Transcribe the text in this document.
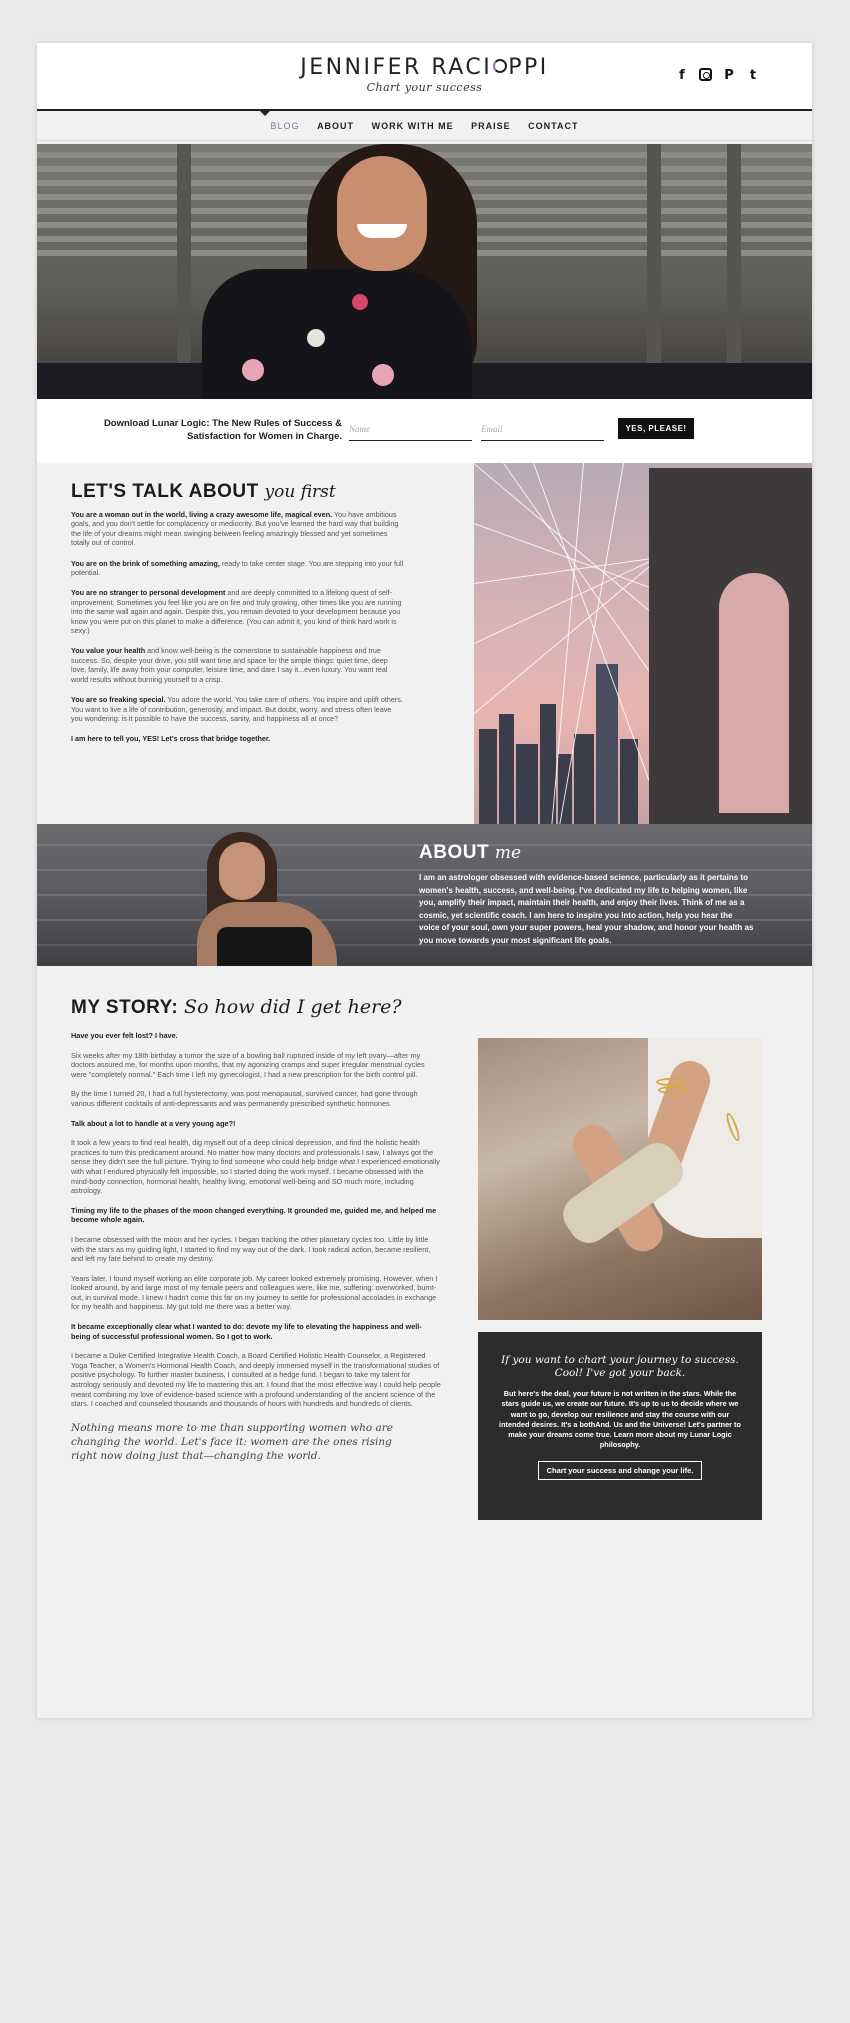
JENNIFER RACI PPI
Chart your success
f	P t
BLOG ABOUT WORK WITH ME PRAISE CONTACT
Download Lunar Logic: The New Rules of Success & Satisfaction for Women in Charge.
Name	Email	YES, PLEASE!
LET'S TALK ABOUT you first
You are a woman out in the world, living a crazy awesome life, magical even. You have ambitious goals, and you don't settle for complacency or mediocrity. But you've learned the hard way that building the life of your dreams might mean swinging between feeling amazingly blessed and yet sometimes totally out of control.
You are on the brink of something amazing, ready to take center stage. You are stepping into your full potential.
You are no stranger to personal development and are deeply committed to a lifelong quest of self-improvement. Sometimes you feel like you are on fire and truly growing, other times like you are running into the same wall again and again. Despite this, you remain devoted to your development because you know you were put on this planet to make a difference. (You can admit it, you kind of think hard work is sexy.)
You value your health and know well-being is the cornerstone to sustainable happiness and true success. So, despite your drive, you still want time and space for the simple things: quiet time, deep love, family, life away from your computer, leisure time, and dare I say it...even luxury. You want real world results without burning yourself to a crisp.
You are so freaking special. You adore the world. You take care of others. You inspire and uplift others. You want to live a life of contribution, generosity, and impact. But doubt, worry, and stress often leave you wondering: is it possible to have the success, sanity, and happiness all at once?
I am here to tell you, YES! Let's cross that bridge together.
ABOUT me
I am an astrologer obsessed with evidence-based science, particularly as it pertains to women's health, success, and well-being. I've dedicated my life to helping women, like you, amplify their impact, maintain their health, and enjoy their lives. Think of me as a cosmic, yet scientific coach. I am here to inspire you into action, help you hear the voice of your soul, own your super powers, heal your shadow, and honor your health as you move towards your most significant life goals.
MY STORY: So how did I get here?
Have you ever felt lost? I have.
Six weeks after my 18th birthday a tumor the size of a bowling ball ruptured inside of my left ovary—after my doctors assured me, for months upon months, that my agonizing cramps and super irregular menstrual cycles were "completely normal." Each time I left my gynecologist, I had a new prescription for the birth control pill.
By the time I turned 20, I had a full hysterectomy, was post menopausal, survived cancer, had gone through various different cocktails of anti-depressants and was permanently prescribed synthetic hormones.
Talk about a lot to handle at a very young age?!
It took a few years to find real health, dig myself out of a deep clinical depression, and find the holistic health practices to turn this predicament around. No matter how many doctors and professionals I saw, I always got the sense they didn't see the full picture. Trying to find someone who could help bridge what I experienced emotionally with what I endured physically felt impossible, so I started doing the work myself. I became obsessed with the mind-body connection, hormonal health, healthy living, emotional well-being and SO much more, including astrology.
Timing my life to the phases of the moon changed everything. It grounded me, guided me, and helped me become whole again.
I became obsessed with the moon and her cycles. I began tracking the other planetary cycles too. Little by little with the stars as my guiding light, I started to find my way out of the dark. I took radical action, became resilient, and left my fate behind to create my destiny.
Years later, I found myself working an elite corporate job. My career looked extremely promising. However, when I looked around, by and large most of my female peers and colleagues were, like me, suffering: overworked, burnt-out, in survival mode. I knew I hadn't come this far on my journey to settle for professional accolades in exchange for my health and happiness. My gut told me there was a better way.
It became exceptionally clear what I wanted to do: devote my life to elevating the happiness and well-being of successful professional women. So I got to work.
I became a Duke Certified Integrative Health Coach, a Board Certified Holistic Health Counselor, a Registered Yoga Teacher, a Women's Hormonal Health Coach, and deeply immersed myself in the transformational studies of positive psychology. To further master business, I consulted at a hedge fund. I began to take my talent for astrology seriously and devoted my life to mastering this art. I found that the most effective way I could help people meant combining my love of evidence-based science with a profound understanding of the ancient science of the stars. I coached and counseled thousands and thousands of hours with hundreds and hundreds of clients.
Nothing means more to me than supporting women who are changing the world. Let's face it: women are the ones rising right now doing just that—changing the world.
If you want to chart your journey to success. Cool! I've got your back.
But here's the deal, your future is not written in the stars. While the stars guide us, we create our future. It's up to us to decide where we want to go, develop our resilience and stay the course with our intended desires. It's a bothAnd. Us and the Universe! Let's partner to make your dreams come true. Learn more about my Lunar Logic philosophy.
Chart your success and change your life.
